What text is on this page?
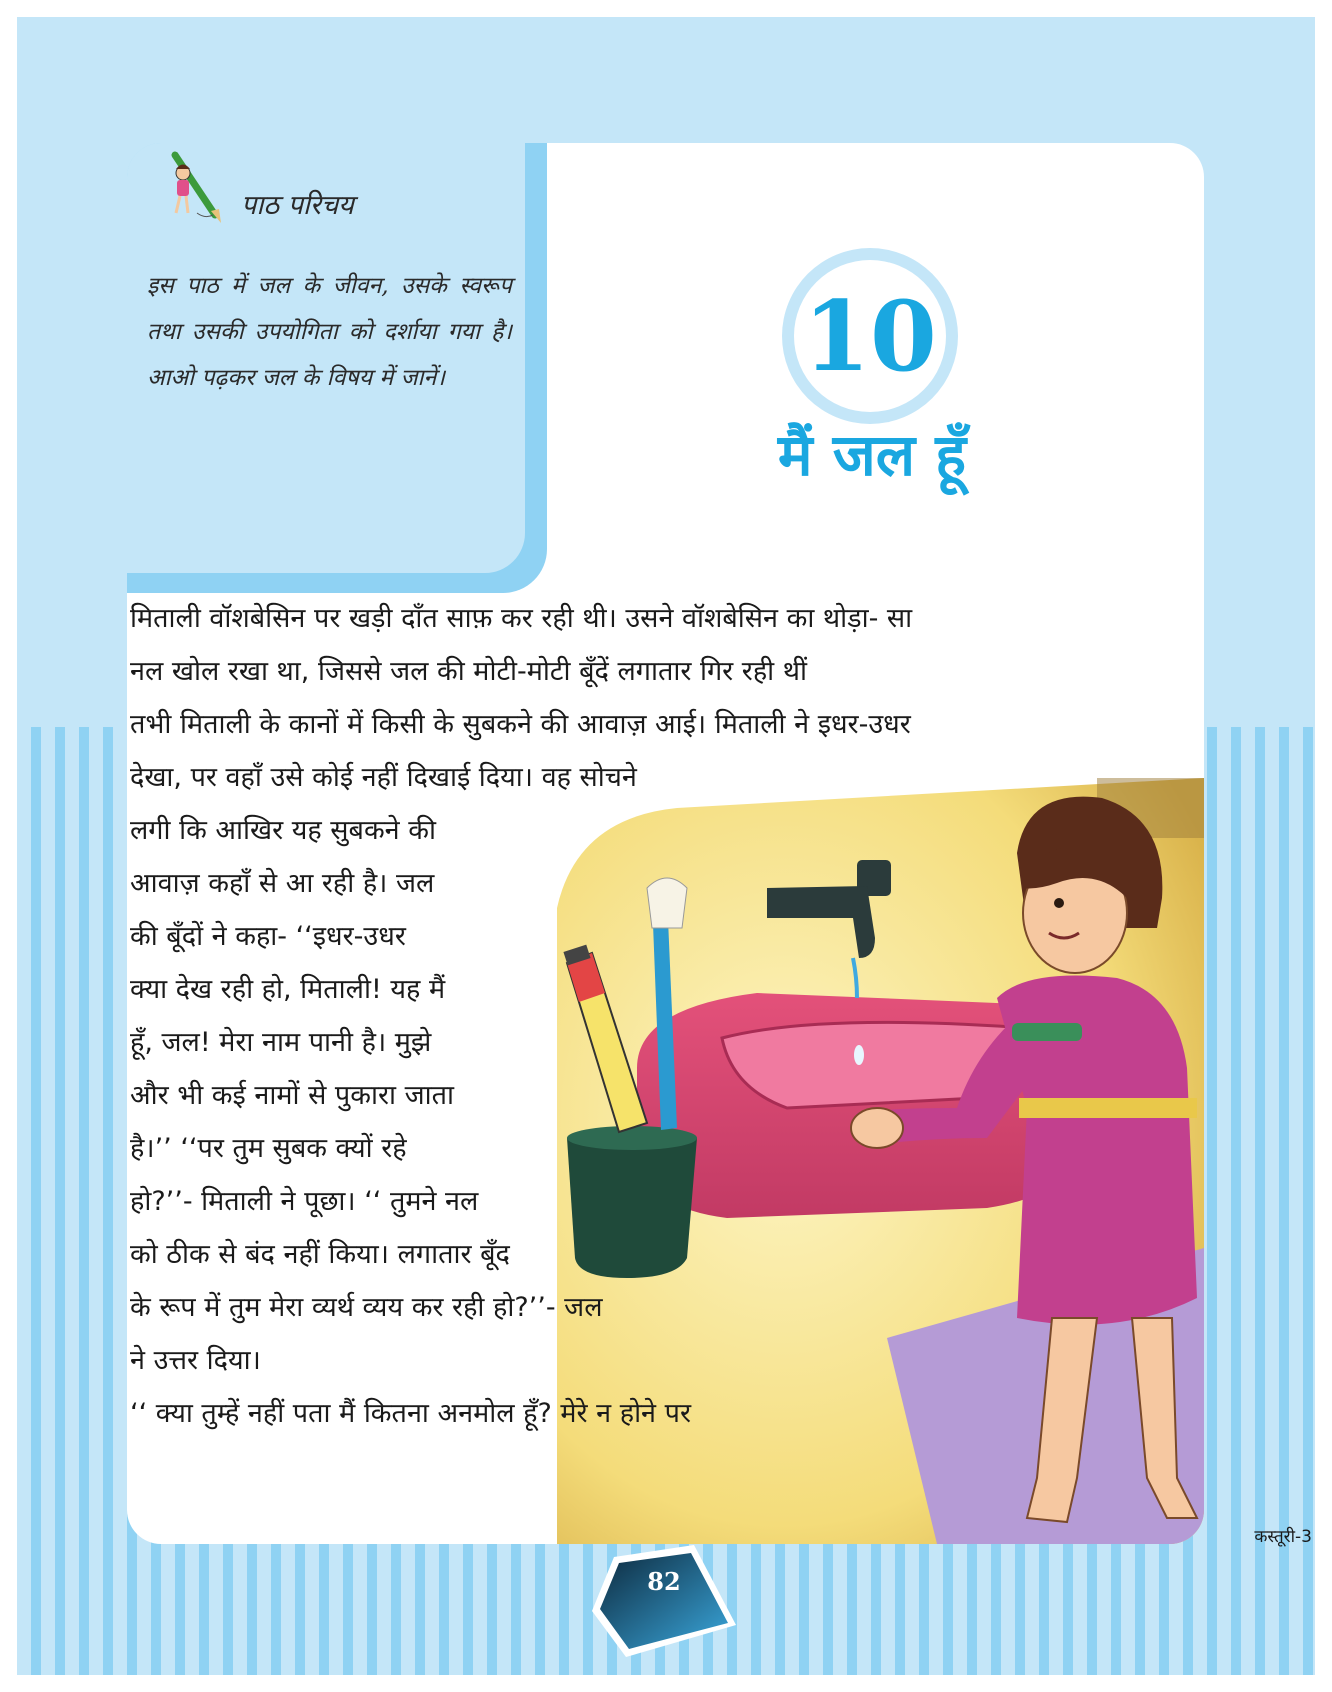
पाठ परिचय

इस पाठ में जल के जीवन, उसके स्वरूप तथा उसकी उपयोगिता को दर्शाया गया है। आओ पढ़कर जल के विषय में जानें।	10
मैं जल हूँ
मिताली वॉशबेसिन पर खड़ी दाँत साफ़ कर रही थी। उसने वॉशबेसिन का थोड़ा- सा
नल खोल रखा था, जिससे जल की मोटी-मोटी बूँदें लगातार गिर रही थीं
तभी मिताली के कानों में किसी के सुबकने की आवाज़ आई। मिताली ने इधर-उधर
देखा, पर वहाँ उसे कोई नहीं दिखाई दिया। वह सोचने
लगी कि आखिर यह सुबकने की
आवाज़ कहाँ से आ रही है। जल
की बूँदों ने कहा- ‘‘इधर-उधर
क्या देख रही हो, मिताली! यह मैं
हूँ, जल! मेरा नाम पानी है। मुझे
और भी कई नामों से पुकारा जाता
है।’’ ‘‘पर तुम सुबक क्यों रहे
हो?’’- मिताली ने पूछा। ‘‘ तुमने नल
को ठीक से बंद नहीं किया। लगातार बूँद
के रूप में तुम मेरा व्यर्थ व्यय कर रही हो?’’- जल
ने उत्तर दिया।
‘‘ क्या तुम्हें नहीं पता मैं कितना अनमोल हूँ? मेरे न होने पर
कस्तूरी-3
82
